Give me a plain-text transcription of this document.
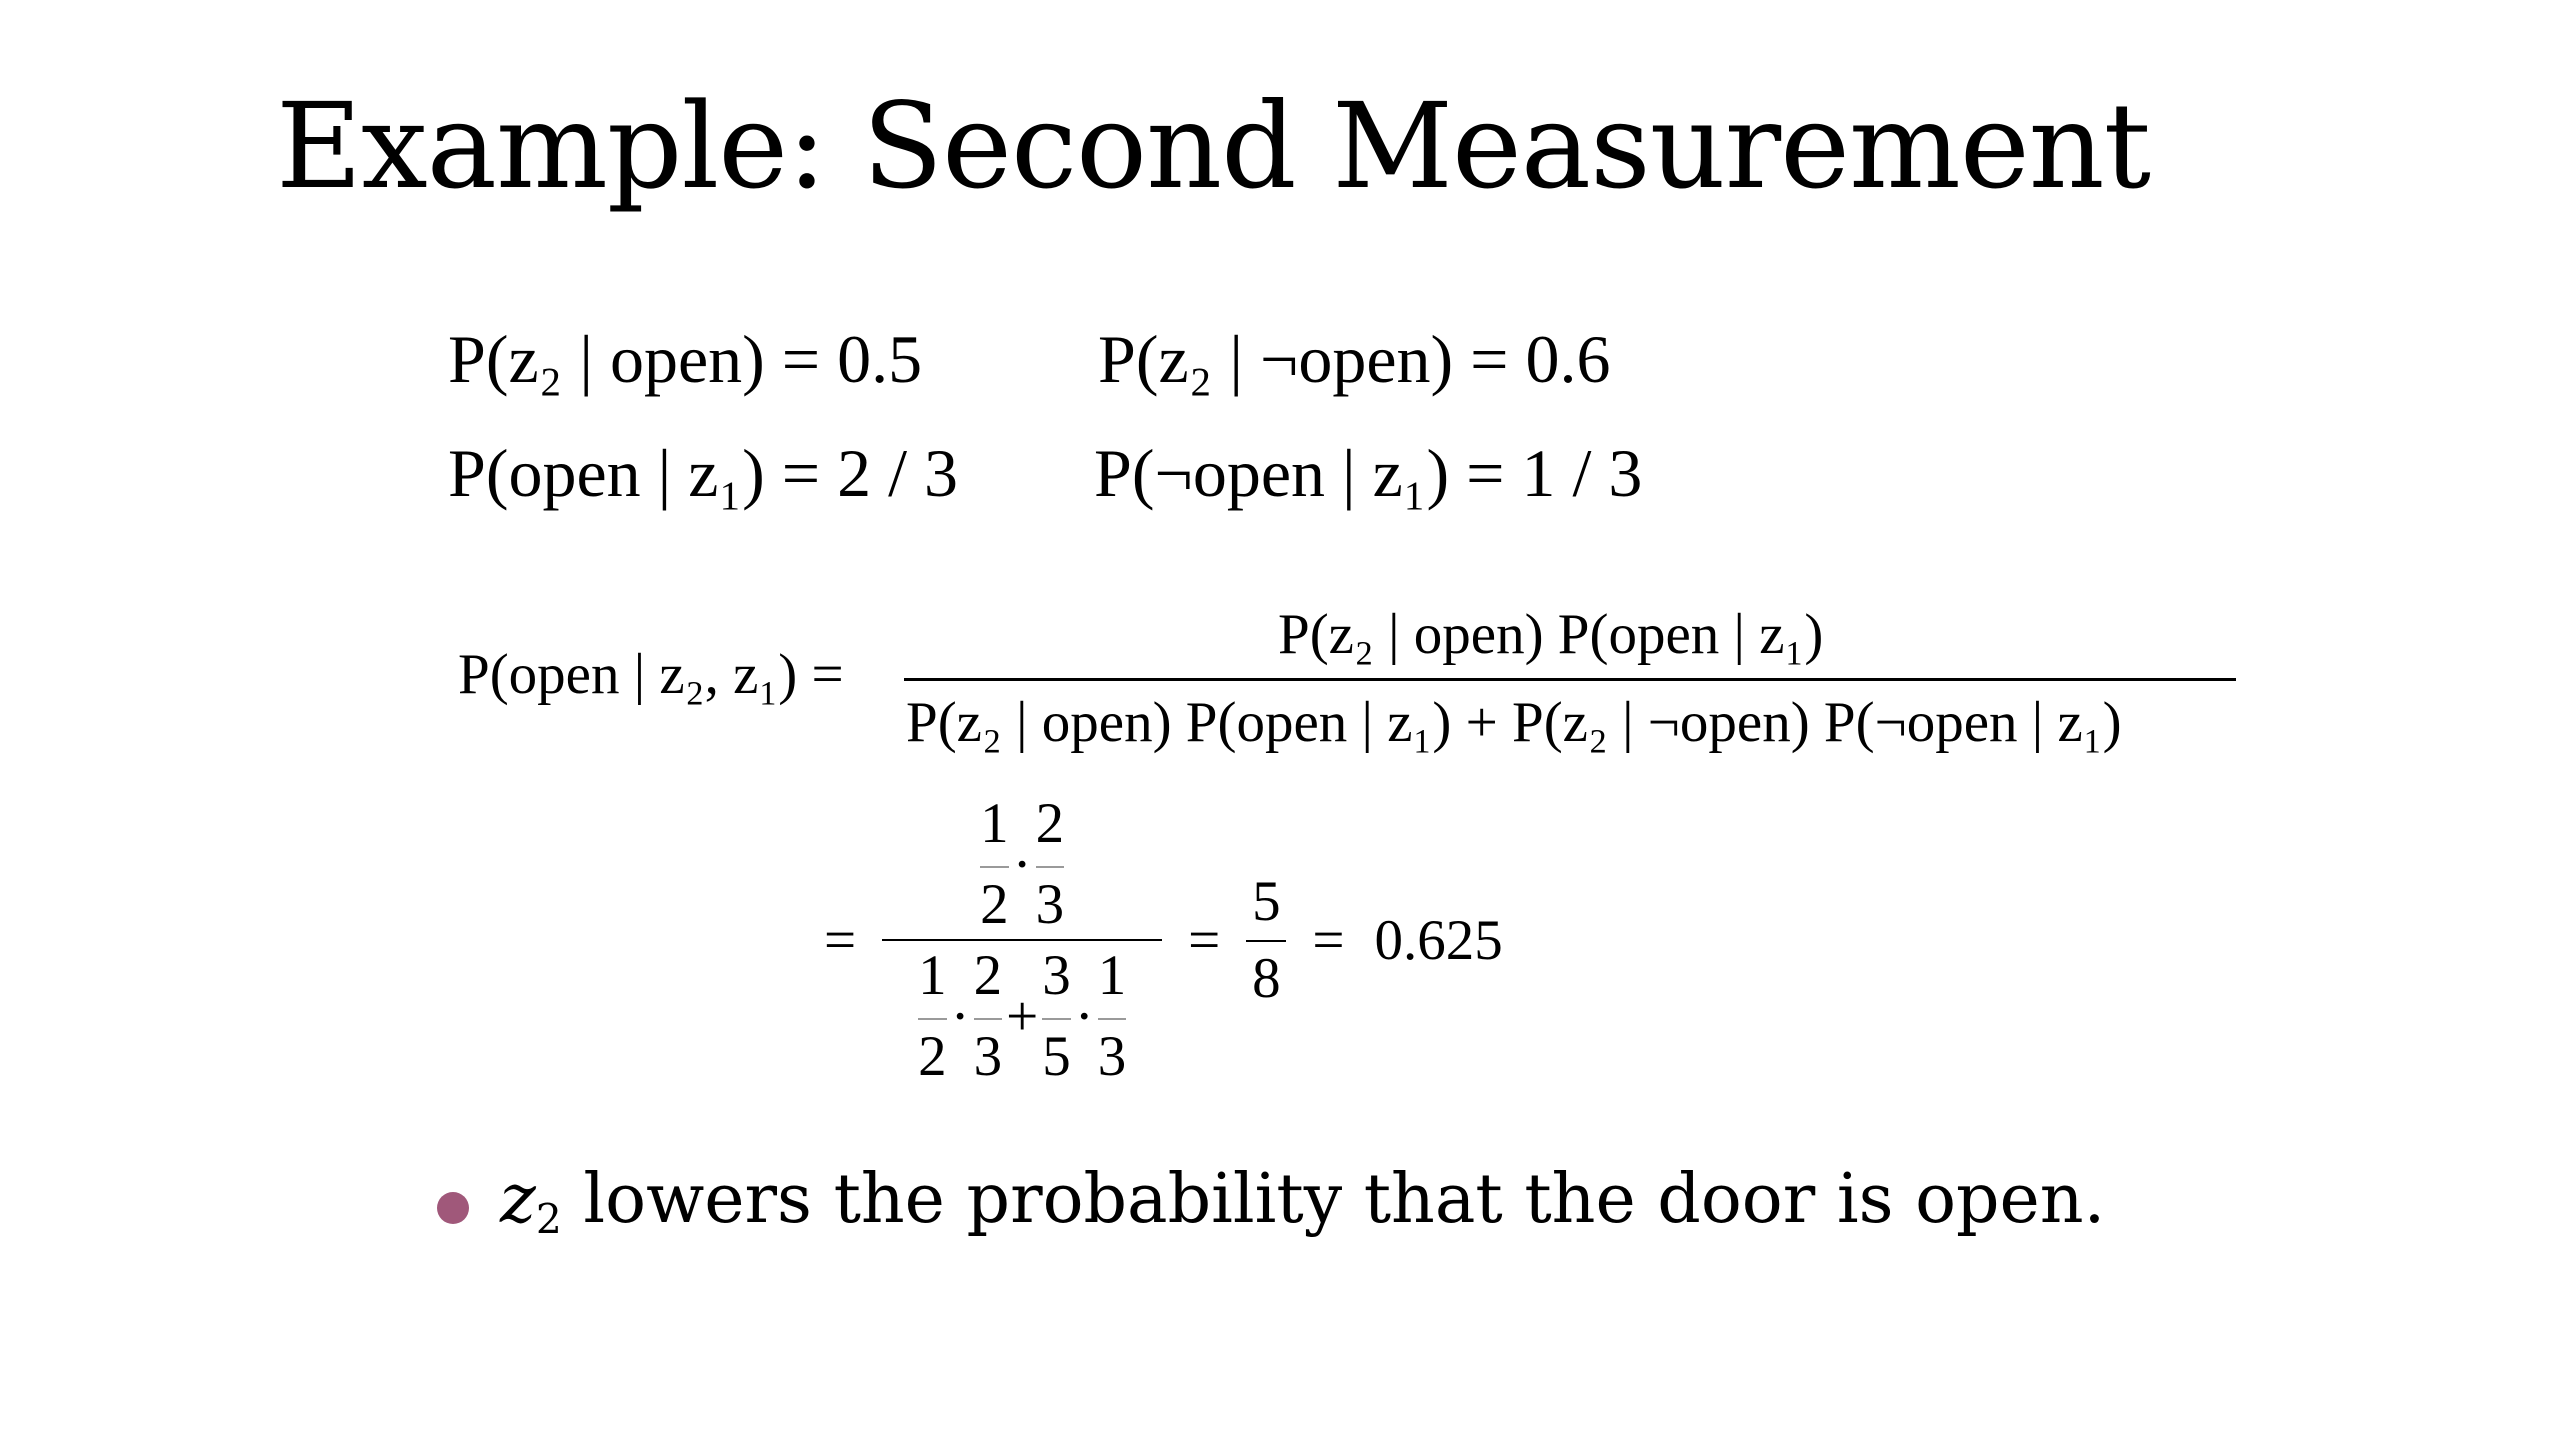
Example: Second Measurement
P(z₂ | open) = 0.5	P(z₂ | ¬open) = 0.6
P(open | z₁) = 2 / 3 P(¬open | z₁) = 1 / 3
P(open | z₂, z₁) =
P(z₂ | open) P(open | z₁)
P(z₂ | open) P(open | z₁) + P(z₂ | ¬open) P(¬open | z₁)
=
1
2
·
2
3
1
2
·
2
3
+
3
5
·
1
3
= $\frac{5}{8} = 0.625$
$z_2$ lowers the probability that the door is open.
